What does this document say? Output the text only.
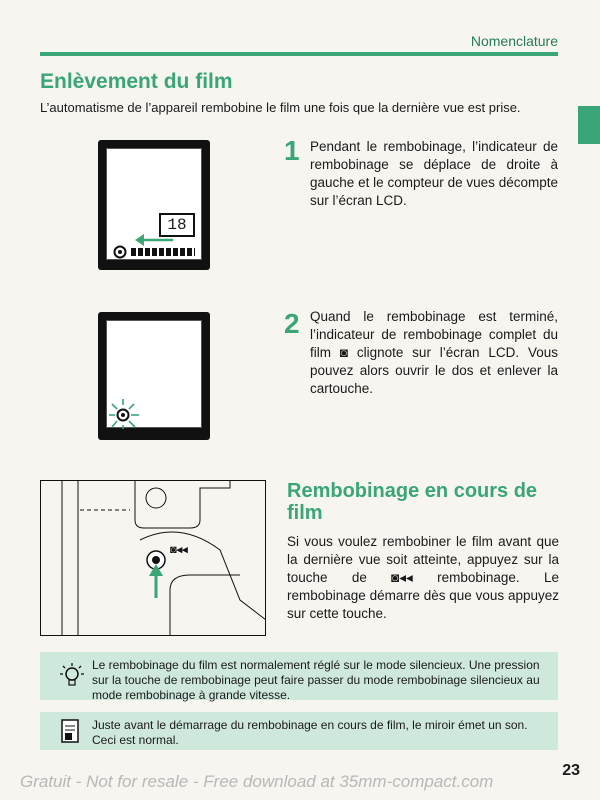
Nomenclature
Enlèvement du film
L’automatisme de l’appareil rembobine le film une fois que la dernière vue est prise.
18
1 Pendant le rembobinage, l’indicateur de rembobinage se déplace de droite à gauche et le compteur de vues décompte sur l’écran LCD.
2 Quand le rembobinage est terminé, l’indicateur de rembobinage complet du film ◙ clignote sur l’écran LCD. Vous pouvez alors ouvrir le dos et enlever la cartouche.
◙◂◂
Rembobinage en cours de film
Si vous voulez rembobiner le film avant que la dernière vue soit atteinte, appuyez sur la touche de ◙◂◂ rembobinage. Le rembobinage démarre dès que vous appuyez sur cette touche.
Le rembobinage du film est normalement réglé sur le mode silencieux. Une pression sur la touche de rembobinage peut faire passer du mode rembobinage silencieux au mode rembobinage à grande vitesse.
Juste avant le démarrage du rembobinage en cours de film, le miroir émet un son. Ceci est normal.
Gratuit - Not for resale - Free download at 35mm-compact.com
23
